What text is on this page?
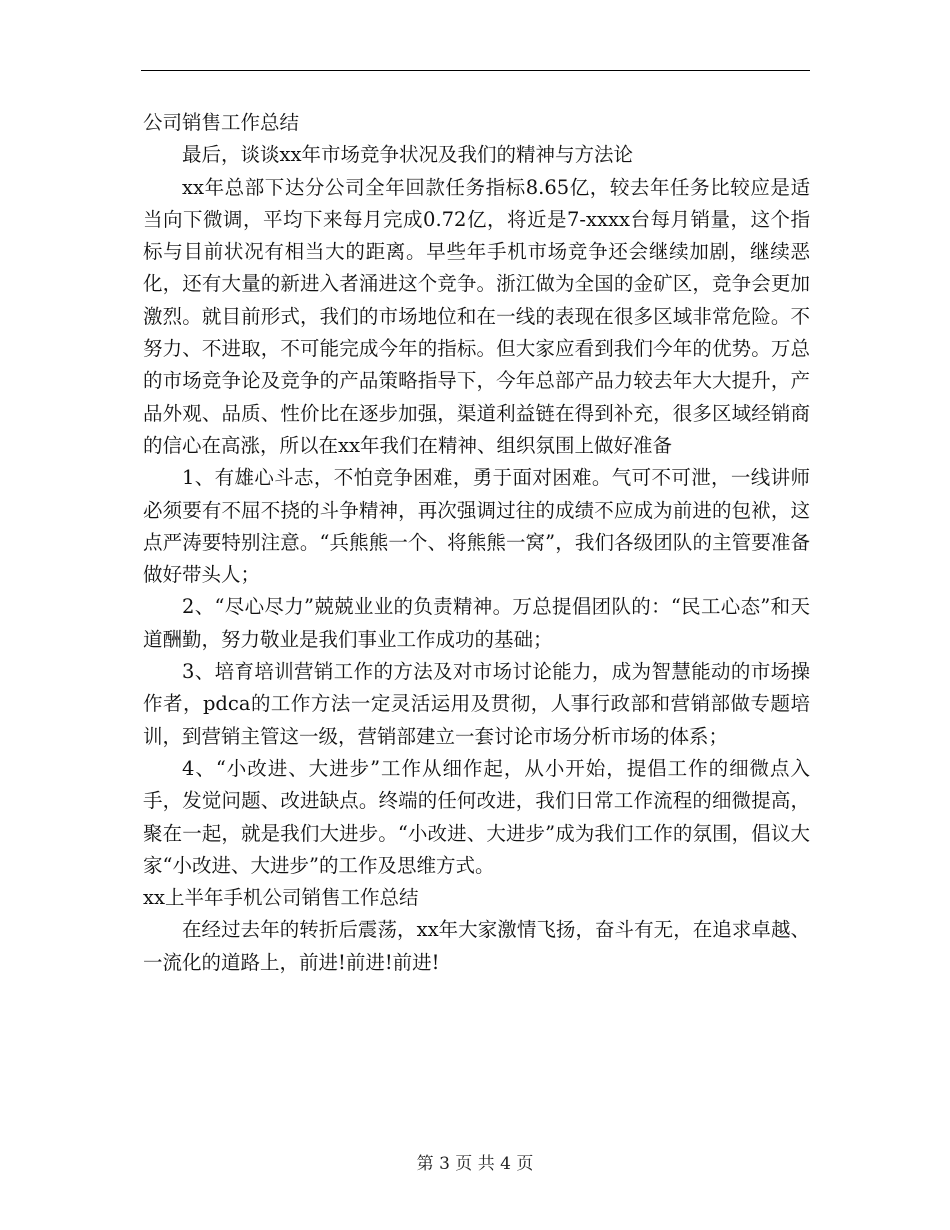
公司销售工作总结

最后，谈谈xx年市场竞争状况及我们的精神与方法论

xx年总部下达分公司全年回款任务指标8.65亿，较去年任务比较应是适当向下微调，平均下来每月完成0.72亿，将近是7-xxxx台每月销量，这个指标与目前状况有相当大的距离。早些年手机市场竞争还会继续加剧，继续恶化，还有大量的新进入者涌进这个竞争。浙江做为全国的金矿区，竞争会更加激烈。就目前形式，我们的市场地位和在一线的表现在很多区域非常危险。不努力、不进取，不可能完成今年的指标。但大家应看到我们今年的优势。万总的市场竞争论及竞争的产品策略指导下，今年总部产品力较去年大大提升，产品外观、品质、性价比在逐步加强，渠道利益链在得到补充，很多区域经销商的信心在高涨，所以在xx年我们在精神、组织氛围上做好准备

1、有雄心斗志，不怕竞争困难，勇于面对困难。气可不可泄，一线讲师必须要有不屈不挠的斗争精神，再次强调过往的成绩不应成为前进的包袱，这点严涛要特别注意。“兵熊熊一个、将熊熊一窝”，我们各级团队的主管要准备做好带头人；

2、“尽心尽力”兢兢业业的负责精神。万总提倡团队的：“民工心态”和天道酬勤，努力敬业是我们事业工作成功的基础；

3、培育培训营销工作的方法及对市场讨论能力，成为智慧能动的市场操作者，pdca的工作方法一定灵活运用及贯彻，人事行政部和营销部做专题培训，到营销主管这一级，营销部建立一套讨论市场分析市场的体系；

4、“小改进、大进步”工作从细作起，从小开始，提倡工作的细微点入手，发觉问题、改进缺点。终端的任何改进，我们日常工作流程的细微提高，聚在一起，就是我们大进步。“小改进、大进步”成为我们工作的氛围，倡议大家“小改进、大进步”的工作及思维方式。

xx上半年手机公司销售工作总结

在经过去年的转折后震荡，xx年大家激情飞扬，奋斗有无，在追求卓越、一流化的道路上，前进!前进!前进!

第 3 页 共 4 页
